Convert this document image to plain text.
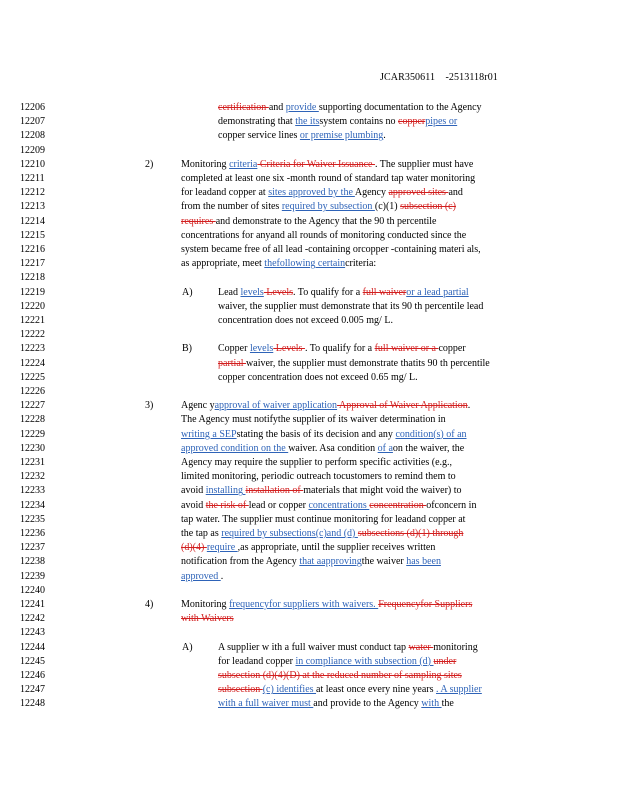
JCAR350611 -2513118r01
12206	certification and provide supporting documentation to the Agency
12207	demonstrating that the itssystem contains no copperpipes or
12208	copper service lines or premise plumbing.
12209
12210	2)	Monitoring criteria Criteria for Waiver Issuance . The supplier must have
12211	completed at least one six -month round of standard tap water monitoring
12212	for leadand copper at sites approved by the Agency approved sites and
12213	from the number of sites required by subsection (c)(1) subsection (c)
12214	requires and demonstrate to the Agency that the 90 th percentile
12215	concentrations for anyand all rounds of monitoring conducted since the
12216	system became free of all lead -containing orcopper -containing materi als,
12217	as appropriate, meet thefollowing certaincriteria:
12218
12219	A)	Lead levels Levels. To qualify for a full waiveror a lead partial
12220	waiver, the supplier must demonstrate that its 90 th percentile lead
12221	concentration does not exceed 0.005 mg/ L.
12222
12223	B)	Copper levels Levels . To qualify for a full waiver or a copper
12224	partial waiver, the supplier must demonstrate thatits 90 th percentile
12225	copper concentration does not exceed 0.65 mg/ L.
12226
12227	3)	Agenc yapproval of waiver application Approval of Waiver Application.
12228	The Agency must notifythe supplier of its waiver determination in
12229	writing a SEPstating the basis of its decision and any condition(s) of an
12230	approved condition on the waiver. Asa condition of aon the waiver, the
12231	Agency may require the supplier to perform specific activities (e.g.,
12232	limited monitoring, periodic outreach tocustomers to remind them to
12233	avoid installing installation of materials that might void the waiver) to
12234	avoid the risk of lead or copper concentrations concentration ofconcern in
12235	tap water. The supplier must continue monitoring for leadand copper at
12236	the tap as required by subsections(c)and (d) subsections (d)(1) through
12237	(d)(4) require ,as appropriate, until the supplier receives written
12238	notification from the Agency that aapprovingthe waiver has been
12239	approved .
12240
12241	4)	Monitoring frequencyfor suppliers with waivers. Frequencyfor Suppliers
12242	with Waivers
12243
12244	A)	A supplier w ith a full waiver must conduct tap water monitoring
12245	for leadand copper in compliance with subsection (d) under
12246	subsection (d)(4)(D) at the reduced number of sampling sites
12247	subsection (c) identifies at least once every nine years . A supplier
12248	with a full waiver must and provide to the Agency with the
